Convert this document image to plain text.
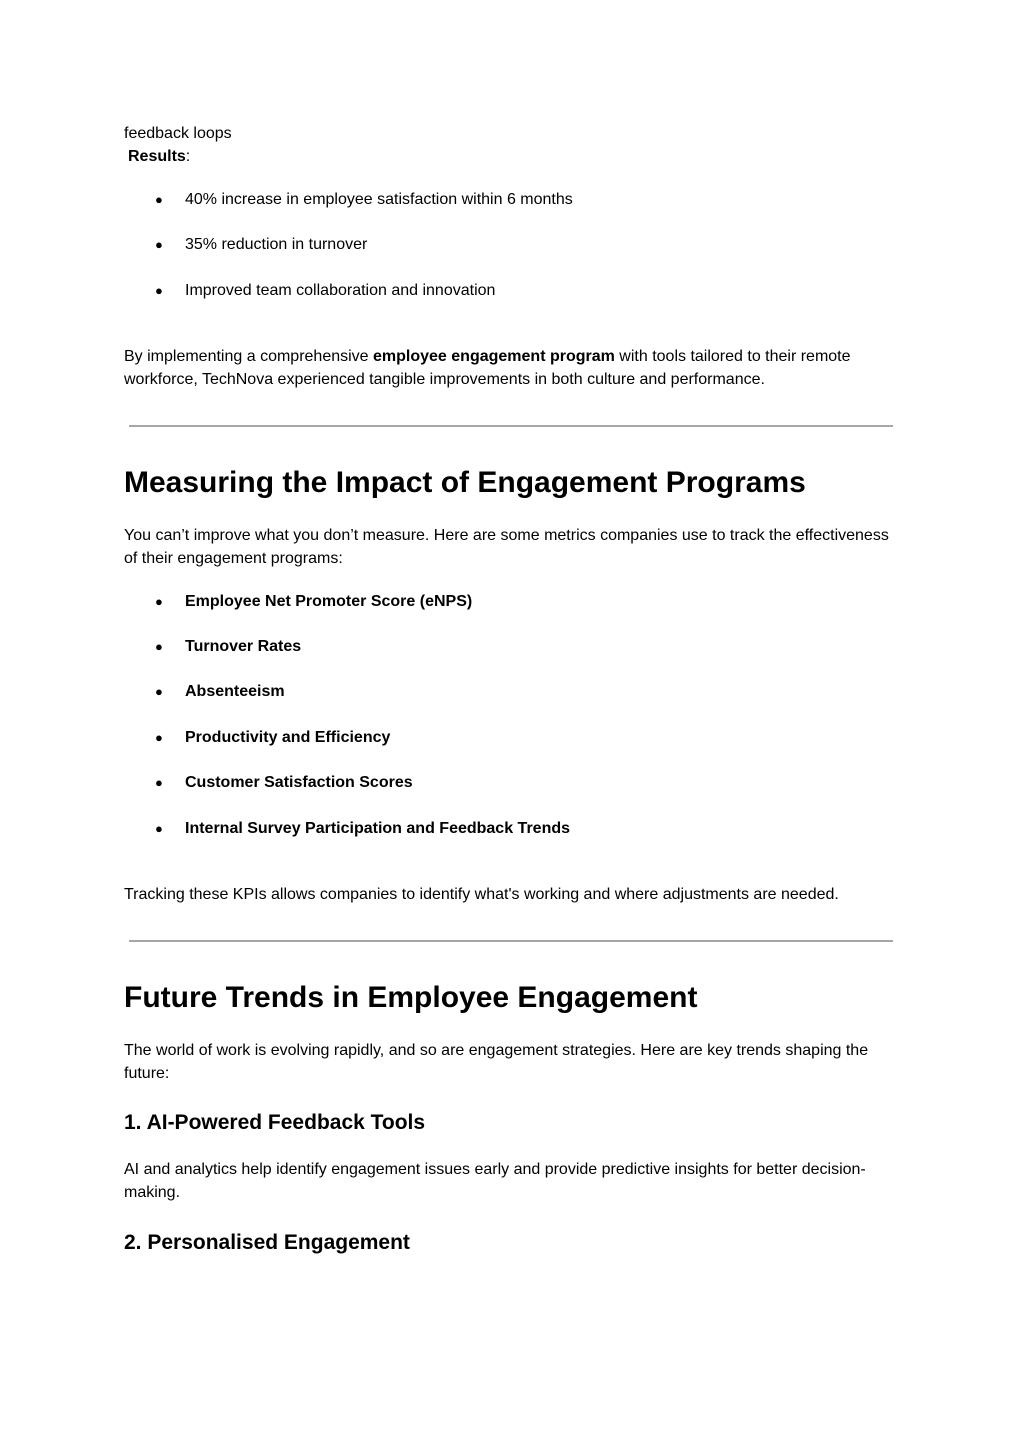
feedback loops
Results:
● 40% increase in employee satisfaction within 6 months
● 35% reduction in turnover
● Improved team collaboration and innovation
By implementing a comprehensive employee engagement program with tools tailored to their remote workforce, TechNova experienced tangible improvements in both culture and performance.
Measuring the Impact of Engagement Programs
You can’t improve what you don’t measure. Here are some metrics companies use to track the effectiveness of their engagement programs:
● Employee Net Promoter Score (eNPS)
● Turnover Rates
● Absenteeism
● Productivity and Efficiency
● Customer Satisfaction Scores
● Internal Survey Participation and Feedback Trends
Tracking these KPIs allows companies to identify what's working and where adjustments are needed.
Future Trends in Employee Engagement
The world of work is evolving rapidly, and so are engagement strategies. Here are key trends shaping the future:
1. AI-Powered Feedback Tools
AI and analytics help identify engagement issues early and provide predictive insights for better decision-making.
2. Personalised Engagement
